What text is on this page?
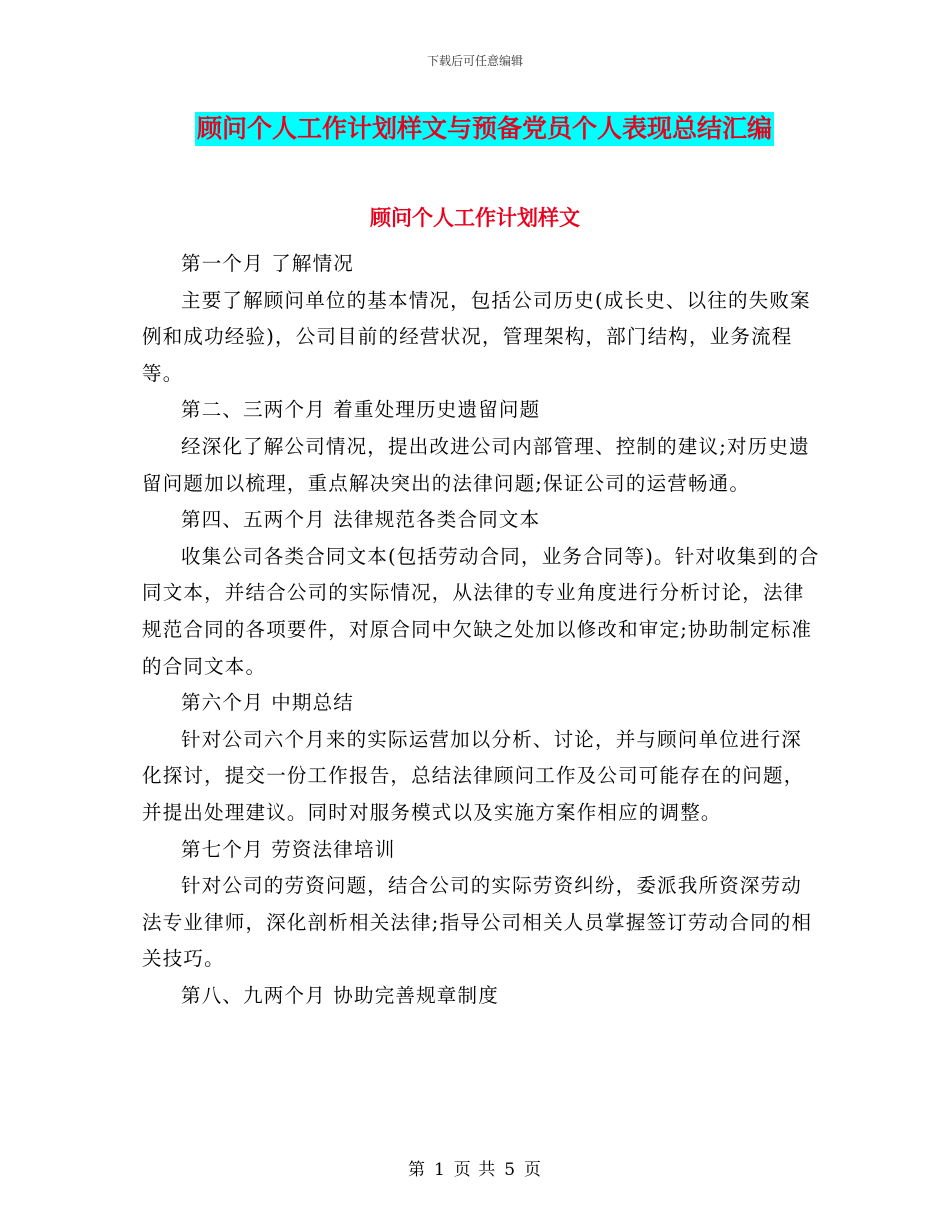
下载后可任意编辑
顾问个人工作计划样文与预备党员个人表现总结汇编
顾问个人工作计划样文

第一个月 了解情况

主要了解顾问单位的基本情况，包括公司历史(成长史、以往的失败案例和成功经验)，公司目前的经营状况，管理架构，部门结构，业务流程等。

第二、三两个月 着重处理历史遗留问题

经深化了解公司情况，提出改进公司内部管理、控制的建议;对历史遗留问题加以梳理，重点解决突出的法律问题;保证公司的运营畅通。

第四、五两个月 法律规范各类合同文本

收集公司各类合同文本(包括劳动合同，业务合同等)。针对收集到的合同文本，并结合公司的实际情况，从法律的专业角度进行分析讨论，法律规范合同的各项要件，对原合同中欠缺之处加以修改和审定;协助制定标准的合同文本。

第六个月 中期总结

针对公司六个月来的实际运营加以分析、讨论，并与顾问单位进行深化探讨，提交一份工作报告，总结法律顾问工作及公司可能存在的问题，并提出处理建议。同时对服务模式以及实施方案作相应的调整。

第七个月 劳资法律培训

针对公司的劳资问题，结合公司的实际劳资纠纷，委派我所资深劳动法专业律师，深化剖析相关法律;指导公司相关人员掌握签订劳动合同的相关技巧。

第八、九两个月 协助完善规章制度

第 1 页 共 5 页
